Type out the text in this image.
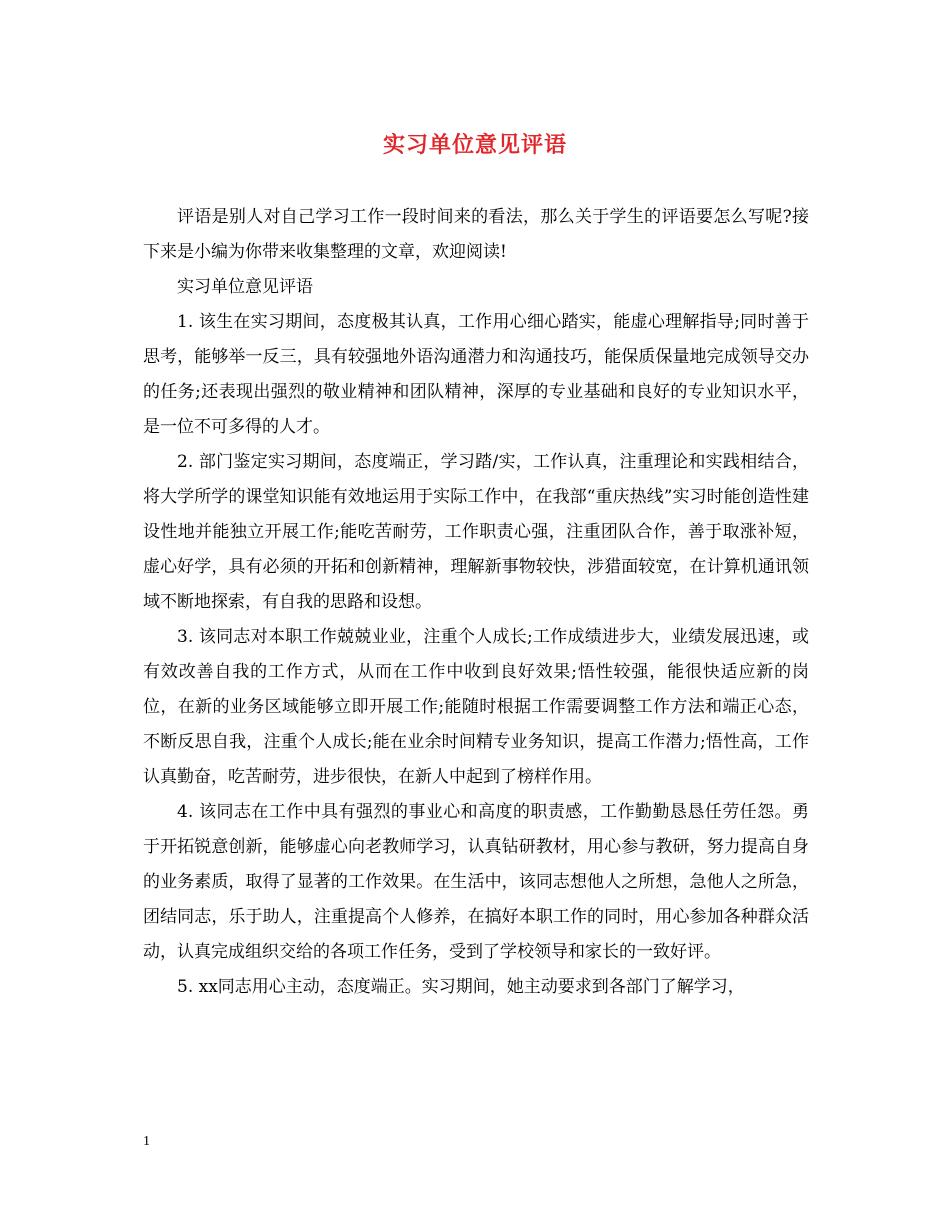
实习单位意见评语

评语是别人对自己学习工作一段时间来的看法，那么关于学生的评语要怎么写呢?接下来是小编为你带来收集整理的文章，欢迎阅读!

实习单位意见评语

1. 该生在实习期间，态度极其认真，工作用心细心踏实，能虚心理解指导;同时善于思考，能够举一反三，具有较强地外语沟通潜力和沟通技巧，能保质保量地完成领导交办的任务;还表现出强烈的敬业精神和团队精神，深厚的专业基础和良好的专业知识水平，是一位不可多得的人才。

2. 部门鉴定实习期间，态度端正，学习踏/实，工作认真，注重理论和实践相结合，将大学所学的课堂知识能有效地运用于实际工作中，在我部“重庆热线”实习时能创造性建设性地并能独立开展工作;能吃苦耐劳，工作职责心强，注重团队合作，善于取涨补短，虚心好学，具有必须的开拓和创新精神，理解新事物较快，涉猎面较宽，在计算机通讯领域不断地探索，有自我的思路和设想。

3. 该同志对本职工作兢兢业业，注重个人成长;工作成绩进步大，业绩发展迅速，或有效改善自我的工作方式，从而在工作中收到良好效果;悟性较强，能很快适应新的岗位，在新的业务区域能够立即开展工作;能随时根据工作需要调整工作方法和端正心态，不断反思自我，注重个人成长;能在业余时间精专业务知识，提高工作潜力;悟性高，工作认真勤奋，吃苦耐劳，进步很快，在新人中起到了榜样作用。

4. 该同志在工作中具有强烈的事业心和高度的职责感，工作勤勤恳恳任劳任怨。勇于开拓锐意创新，能够虚心向老教师学习，认真钻研教材，用心参与教研，努力提高自身的业务素质，取得了显著的工作效果。在生活中，该同志想他人之所想，急他人之所急，团结同志，乐于助人，注重提高个人修养，在搞好本职工作的同时，用心参加各种群众活动，认真完成组织交给的各项工作任务，受到了学校领导和家长的一致好评。

5. xx同志用心主动，态度端正。实习期间，她主动要求到各部门了解学习，

1
